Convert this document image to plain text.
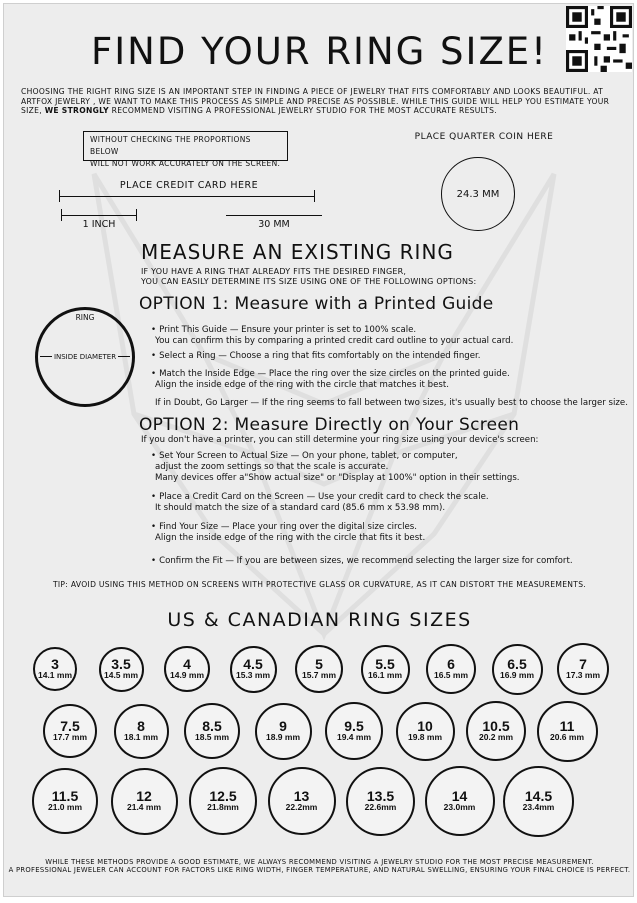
FIND YOUR RING SIZE!
CHOOSING THE RIGHT RING SIZE IS AN IMPORTANT STEP IN FINDING A PIECE OF JEWELRY THAT FITS COMFORTABLY AND LOOKS BEAUTIFUL. AT ARTFOX JEWELRY , WE WANT TO MAKE THIS PROCESS AS SIMPLE AND PRECISE AS POSSIBLE. WHILE THIS GUIDE WILL HELP YOU ESTIMATE YOUR SIZE, WE STRONGLY RECOMMEND VISITING A PROFESSIONAL JEWELRY STUDIO FOR THE MOST ACCURATE RESULTS.
WITHOUT CHECKING THE PROPORTIONS BELOW
WILL NOT WORK ACCURATELY ON THE SCREEN.
PLACE QUARTER COIN HERE
24.3 MM
PLACE CREDIT CARD HERE
1 INCH	30 MM
MEASURE AN EXISTING RING
IF YOU HAVE A RING THAT ALREADY FITS THE DESIRED FINGER,
YOU CAN EASILY DETERMINE ITS SIZE USING ONE OF THE FOLLOWING OPTIONS:
RING
INSIDE DIAMETER
OPTION 1: Measure with a Printed Guide
• Print This Guide — Ensure your printer is set to 100% scale.
You can confirm this by comparing a printed credit card outline to your actual card.
• Select a Ring — Choose a ring that fits comfortably on the intended finger.
• Match the Inside Edge — Place the ring over the size circles on the printed guide.
Align the inside edge of the ring with the circle that matches it best.
If in Doubt, Go Larger — If the ring seems to fall between two sizes, it's usually best to choose the larger size.
OPTION 2: Measure Directly on Your Screen
If you don't have a printer, you can still determine your ring size using your device's screen:
• Set Your Screen to Actual Size — On your phone, tablet, or computer,
adjust the zoom settings so that the scale is accurate.
Many devices offer a"Show actual size" or "Display at 100%" option in their settings.
• Place a Credit Card on the Screen — Use your credit card to check the scale.
It should match the size of a standard card (85.6 mm x 53.98 mm).
• Find Your Size — Place your ring over the digital size circles.
Align the inside edge of the ring with the circle that fits it best.
• Confirm the Fit — If you are between sizes, we recommend selecting the larger size for comfort.
TIP: AVOID USING THIS METHOD ON SCREENS WITH PROTECTIVE GLASS OR CURVATURE, AS IT CAN DISTORT THE MEASUREMENTS.
US & CANADIAN RING SIZES
3
14.1 mm
3.5
14.5 mm
4
14.9 mm
4.5
15.3 mm
5
15.7 mm
5.5
16.1 mm
6
16.5 mm
6.5
16.9 mm
7
17.3 mm
7.5
17.7 mm
8
18.1 mm
8.5
18.5 mm
9
18.9 mm
9.5
19.4 mm
10
19.8 mm
10.5
20.2 mm
11
20.6 mm
11.5
21.0 mm
12
21.4 mm
12.5
21.8mm
13
22.2mm
13.5
22.6mm
14
23.0mm
14.5
23.4mm
WHILE THESE METHODS PROVIDE A GOOD ESTIMATE, WE ALWAYS RECOMMEND VISITING A JEWELRY STUDIO FOR THE MOST PRECISE MEASUREMENT.
A PROFESSIONAL JEWELER CAN ACCOUNT FOR FACTORS LIKE RING WIDTH, FINGER TEMPERATURE, AND NATURAL SWELLING, ENSURING YOUR FINAL CHOICE IS PERFECT.
